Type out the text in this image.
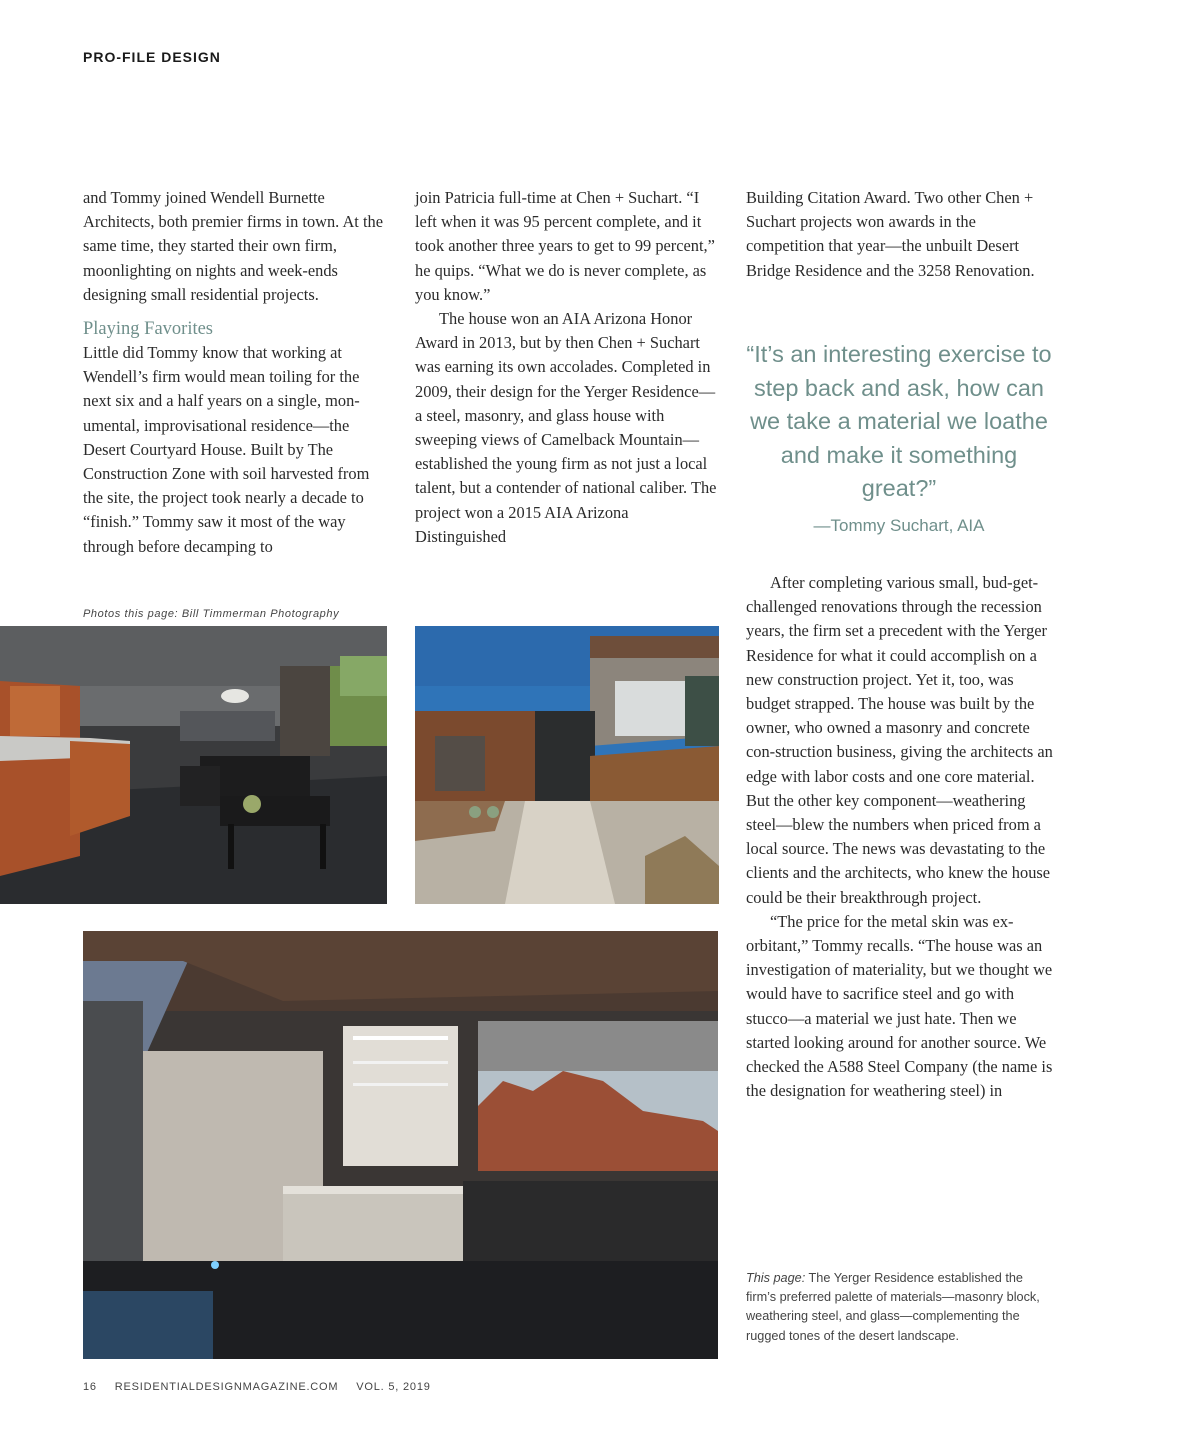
PRO-FILE DESIGN

and Tommy joined Wendell Burnette Architects, both premier firms in town. At the same time, they started their own firm, moonlighting on nights and week-ends designing small residential projects.

Playing Favorites

Little did Tommy know that working at Wendell’s firm would mean toiling for the next six and a half years on a single, mon-umental, improvisational residence—the Desert Courtyard House. Built by The Construction Zone with soil harvested from the site, the project took nearly a decade to “finish.” Tommy saw it most of the way through before decamping to

join Patricia full-time at Chen + Suchart. “I left when it was 95 percent complete, and it took another three years to get to 99 percent,” he quips. “What we do is never complete, as you know.”

The house won an AIA Arizona Honor Award in 2013, but by then Chen + Suchart was earning its own accolades. Completed in 2009, their design for the Yerger Residence—a steel, masonry, and glass house with sweeping views of Camelback Mountain—established the young firm as not just a local talent, but a contender of national caliber. The project won a 2015 AIA Arizona Distinguished

Building Citation Award. Two other Chen + Suchart projects won awards in the competition that year—the unbuilt Desert Bridge Residence and the 3258 Renovation.

“It’s an interesting exercise to step back and ask, how can we take a material we loathe and make it something great?”
—Tommy Suchart, AIA

After completing various small, bud-get-challenged renovations through the recession years, the firm set a precedent with the Yerger Residence for what it could accomplish on a new construction project. Yet it, too, was budget strapped. The house was built by the owner, who owned a masonry and concrete con-struction business, giving the architects an edge with labor costs and one core material. But the other key component—weathering steel—blew the numbers when priced from a local source. The news was devastating to the clients and the architects, who knew the house could be their breakthrough project.

“The price for the metal skin was ex-orbitant,” Tommy recalls. “The house was an investigation of materiality, but we thought we would have to sacrifice steel and go with stucco—a material we just hate. Then we started looking around for another source. We checked the A588 Steel Company (the name is the designation for weathering steel) in

Photos this page: Bill Timmerman Photography
This page: The Yerger Residence established the firm’s preferred palette of materials—masonry block, weathering steel, and glass—complementing the rugged tones of the desert landscape.
16 RESIDENTIALDESIGNMAGAZINE.COM VOL. 5, 2019
